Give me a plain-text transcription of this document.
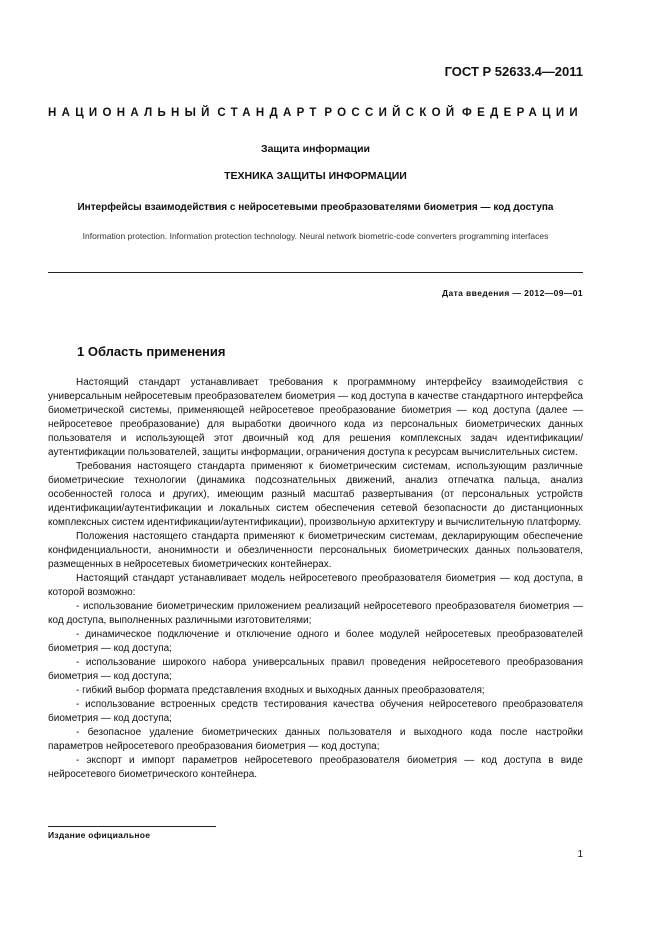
ГОСТ Р 52633.4—2011
НАЦИОНАЛЬНЫЙ СТАНДАРТ РОССИЙСКОЙ ФЕДЕРАЦИИ
Защита информации
ТЕХНИКА ЗАЩИТЫ ИНФОРМАЦИИ
Интерфейсы взаимодействия с нейросетевыми преобразователями биометрия — код доступа
Information protection. Information protection technology. Neural network biometric-code converters programming interfaces
Дата введения — 2012—09—01
1 Область применения

Настоящий стандарт устанавливает требования к программному интерфейсу взаимодействия с универсальным нейросетевым преобразователем биометрия — код доступа в качестве стандартного интерфейса биометрической системы, применяющей нейросетевое преобразование биометрия — код доступа (далее — нейросетевое преобразование) для выработки двоичного кода из персональных биометрических данных пользователя и использующей этот двоичный код для решения комплексных задач идентификации/аутентификации пользователей, защиты информации, ограничения доступа к ресурсам вычислительных систем.

Требования настоящего стандарта применяют к биометрическим системам, использующим различные биометрические технологии (динамика подсознательных движений, анализ отпечатка пальца, анализ особенностей голоса и других), имеющим разный масштаб развертывания (от персональных устройств идентификации/аутентификации и локальных систем обеспечения сетевой безопасности до дистанционных комплексных систем идентификации/аутентификации), произвольную архитектуру и вычислительную платформу.

Положения настоящего стандарта применяют к биометрическим системам, декларирующим обеспечение конфиденциальности, анонимности и обезличенности персональных биометрических данных пользователя, размещенных в нейросетевых биометрических контейнерах.

Настоящий стандарт устанавливает модель нейросетевого преобразователя биометрия — код доступа, в которой возможно:

- использование биометрическим приложением реализаций нейросетевого преобразователя биометрия — код доступа, выполненных различными изготовителями;

- динамическое подключение и отключение одного и более модулей нейросетевых преобразователей биометрия — код доступа;

- использование широкого набора универсальных правил проведения нейросетевого преобразования биометрия — код доступа;

- гибкий выбор формата представления входных и выходных данных преобразователя;

- использование встроенных средств тестирования качества обучения нейросетевого преобразователя биометрия — код доступа;

- безопасное удаление биометрических данных пользователя и выходного кода после настройки параметров нейросетевого преобразования биометрия — код доступа;

- экспорт и импорт параметров нейросетевого преобразователя биометрия — код доступа в виде нейросетевого биометрического контейнера.

Издание официальное
1
